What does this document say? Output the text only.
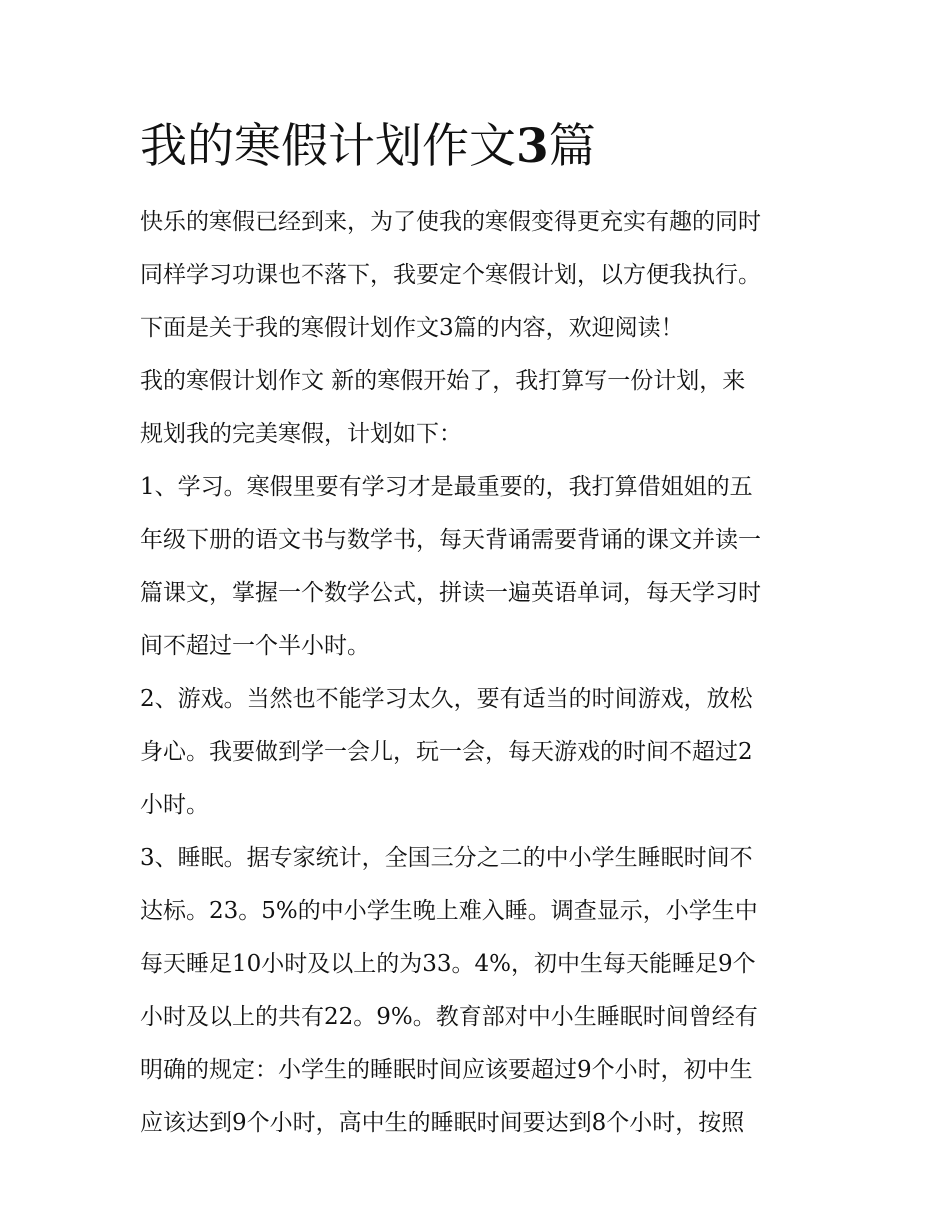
我的寒假计划作文3篇
快乐的寒假已经到来，为了使我的寒假变得更充实有趣的同时
同样学习功课也不落下，我要定个寒假计划，以方便我执行。
下面是关于我的寒假计划作文3篇的内容，欢迎阅读！
我的寒假计划作文 新的寒假开始了，我打算写一份计划，来
规划我的完美寒假，计划如下：
1、学习。寒假里要有学习才是最重要的，我打算借姐姐的五
年级下册的语文书与数学书，每天背诵需要背诵的课文并读一
篇课文，掌握一个数学公式，拼读一遍英语单词，每天学习时
间不超过一个半小时。
2、游戏。当然也不能学习太久，要有适当的时间游戏，放松
身心。我要做到学一会儿，玩一会，每天游戏的时间不超过2
小时。
3、睡眠。据专家统计，全国三分之二的中小学生睡眠时间不
达标。23。5%的中小学生晚上难入睡。调查显示，小学生中
每天睡足10小时及以上的为33。4%，初中生每天能睡足9个
小时及以上的共有22。9%。教育部对中小生睡眠时间曾经有
明确的规定：小学生的睡眠时间应该要超过9个小时，初中生
应该达到9个小时，高中生的睡眠时间要达到8个小时，按照
